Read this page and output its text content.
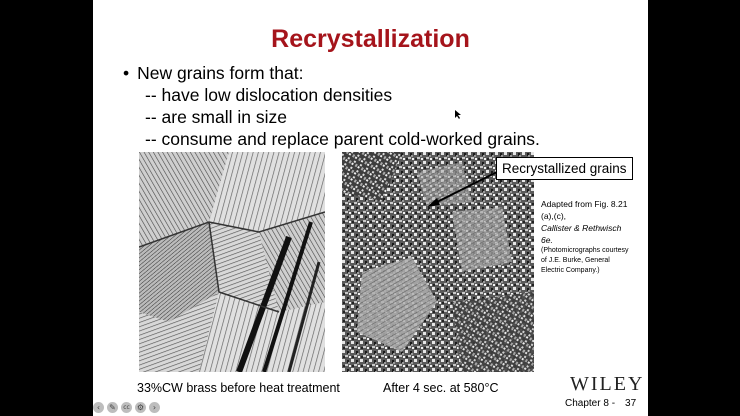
Recrystallization
• New grains form that:
-- have low dislocation densities
-- are small in size
-- consume and replace parent cold-worked grains.
Recrystallized grains
Adapted from Fig. 8.21 (a),(c),
Callister & Rethwisch 6e.
(Photomicrographs courtesy of J.E. Burke, General Electric Company.)
33%CW brass before heat treatment	After 4 sec. at 580°C	WILEY
Chapter 8 - 37
‹	✎	cc ⚙	›
